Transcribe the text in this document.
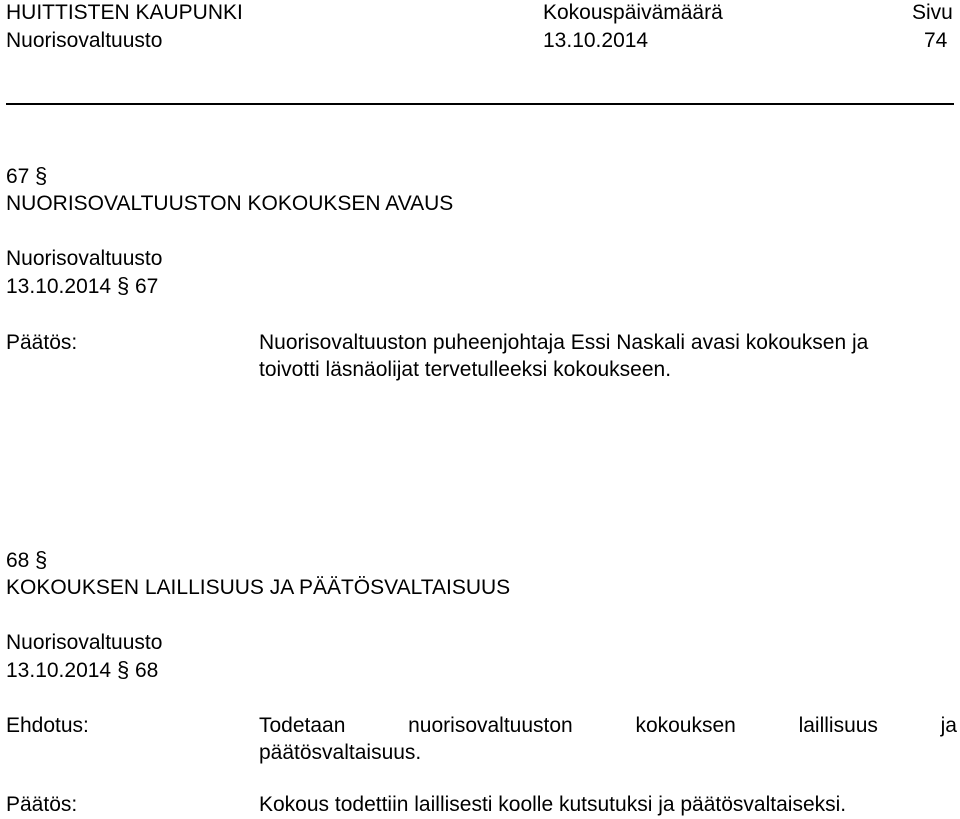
HUITTISTEN KAUPUNKI	Kokouspäivämäärä	Sivu
Nuorisovaltuusto	13.10.2014	74
67 §
NUORISOVALTUUSTON KOKOUKSEN AVAUS
Nuorisovaltuusto
13.10.2014 § 67
Päätös:	Nuorisovaltuuston puheenjohtaja Essi Naskali avasi kokouksen ja
toivotti läsnäolijat tervetulleeksi kokoukseen.
68 §
KOKOUKSEN LAILLISUUS JA PÄÄTÖSVALTAISUUS
Nuorisovaltuusto
13.10.2014 § 68
Ehdotus:	Todetaan nuorisovaltuuston kokouksen laillisuus ja
päätösvaltaisuus.
Päätös:	Kokous todettiin laillisesti koolle kutsutuksi ja päätösvaltaiseksi.
